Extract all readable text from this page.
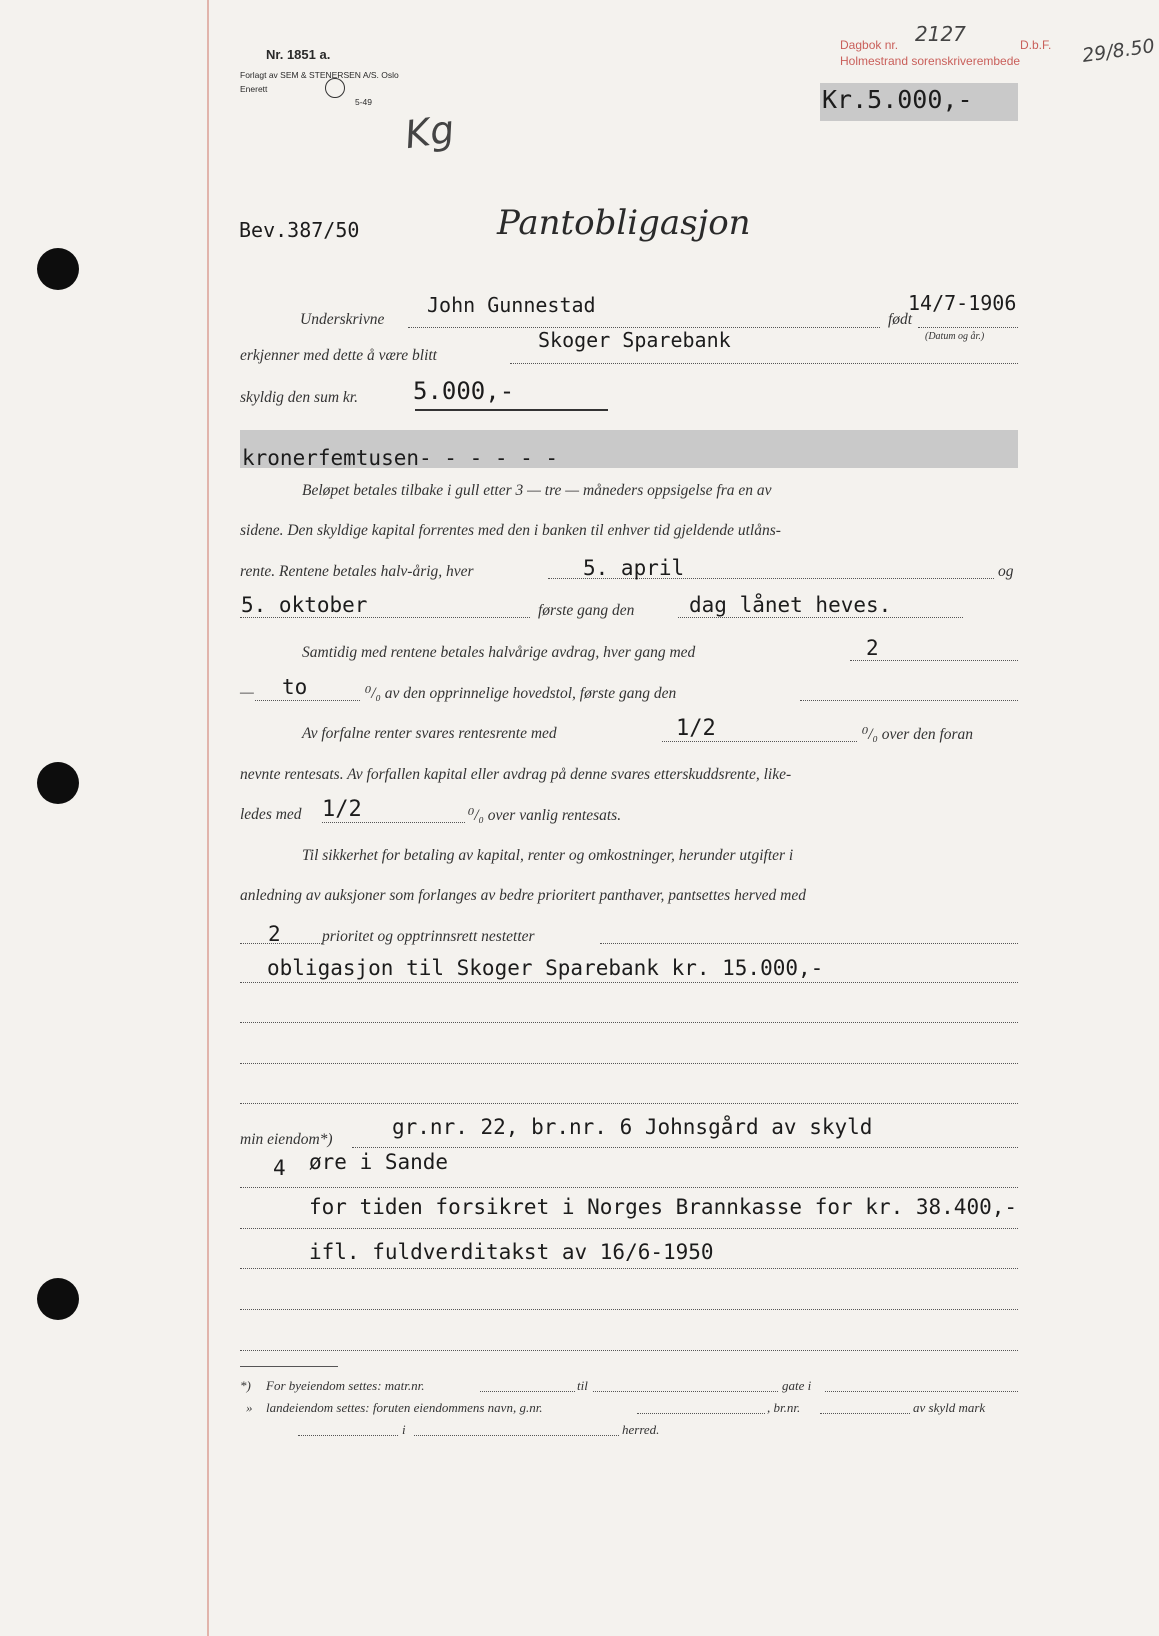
Nr. 1851 a.
Forlagt av SEM & STENERSEN A/S. Oslo
Enerett
5-49
Kg
Dagbok nr. 2127	D.b.F.
Holmestrand sorenskriverembede	29/8.50
Kr.5.000,-
Bev.387/50	Pantobligasjon
Underskrivne
John Gunnestad
født
14/7-1906
(Datum og år.)
erkjenner med dette å være blitt
Skoger Sparebank
skyldig den sum kr. 5.000,-
kronerfemtusen- - - - - -
Beløpet betales tilbake i gull etter 3 — tre — måneders oppsigelse fra en av
sidene. Den skyldige kapital forrentes med den i banken til enhver tid gjeldende utlåns-
rente. Rentene betales halv-årig, hver	5. april	og
5. oktober	første gang den	dag lånet heves.
Samtidig med rentene betales halvårige avdrag, hver gang med	2
— to	⁰/₀ av den opprinnelige hovedstol, første gang den
Av forfalne renter svares rentesrente med	1/2	⁰/₀ over den foran
nevnte rentesats. Av forfallen kapital eller avdrag på denne svares etterskuddsrente, like-
ledes med 1/2	⁰/₀ over vanlig rentesats.
Til sikkerhet for betaling av kapital, renter og omkostninger, herunder utgifter i
anledning av auksjoner som forlanges av bedre prioritert panthaver, pantsettes herved med
2	prioritet og opptrinnsrett nestetter
obligasjon til Skoger Sparebank kr. 15.000,-
min eiendom*)
gr.nr. 22, br.nr. 6 Johnsgård av skyld
4 øre i Sande
for tiden forsikret i Norges Brannkasse for kr. 38.400,-
ifl. fuldverditakst av 16/6-1950
*) For byeiendom settes: matr.nr.	til	gate i
» landeiendom settes: foruten eiendommens navn, g.nr.	, br.nr.	av skyld mark
i	herred.
